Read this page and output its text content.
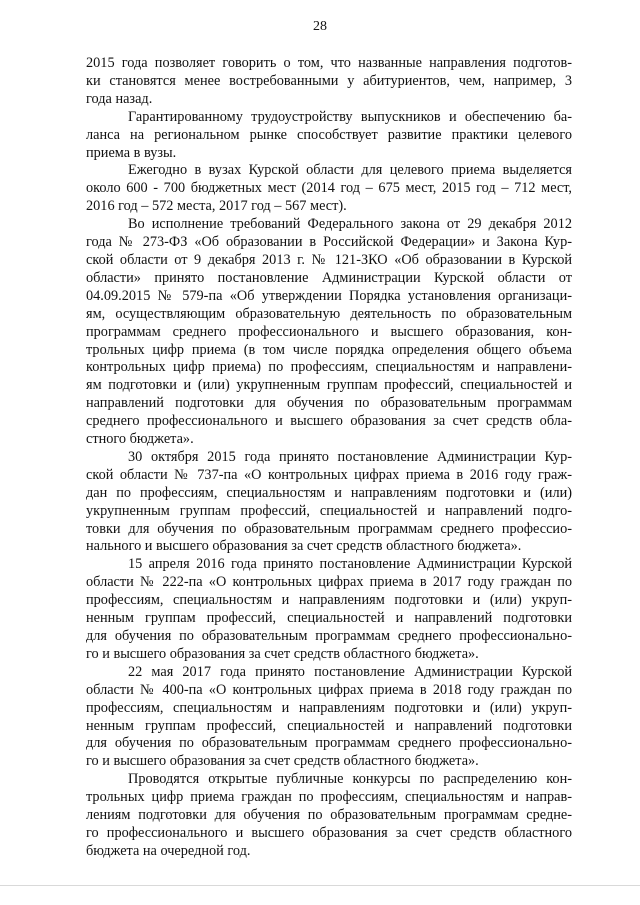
28
2015 года позволяет говорить о том, что названные направления подготов-
ки становятся менее востребованными у абитуриентов, чем, например, 3
года назад.
Гарантированному трудоустройству выпускников и обеспечению ба-
ланса на региональном рынке способствует развитие практики целевого
приема в вузы.
Ежегодно в вузах Курской области для целевого приема выделяется
около 600 - 700 бюджетных мест (2014 год – 675 мест, 2015 год – 712 мест,
2016 год – 572 места, 2017 год – 567 мест).
Во исполнение требований Федерального закона от 29 декабря 2012
года № 273-ФЗ «Об образовании в Российской Федерации» и Закона Кур-
ской области от 9 декабря 2013 г. № 121-ЗКО «Об образовании в Курской
области» принято постановление Администрации Курской области от
04.09.2015 № 579-па «Об утверждении Порядка установления организаци-
ям, осуществляющим образовательную деятельность по образовательным
программам среднего профессионального и высшего образования, кон-
трольных цифр приема (в том числе порядка определения общего объема
контрольных цифр приема) по профессиям, специальностям и направлени-
ям подготовки и (или) укрупненным группам профессий, специальностей и
направлений подготовки для обучения по образовательным программам
среднего профессионального и высшего образования за счет средств обла-
стного бюджета».
30 октября 2015 года принято постановление Администрации Кур-
ской области № 737-па «О контрольных цифрах приема в 2016 году граж-
дан по профессиям, специальностям и направлениям подготовки и (или)
укрупненным группам профессий, специальностей и направлений подго-
товки для обучения по образовательным программам среднего профессио-
нального и высшего образования за счет средств областного бюджета».
15 апреля 2016 года принято постановление Администрации Курской
области № 222-па «О контрольных цифрах приема в 2017 году граждан по
профессиям, специальностям и направлениям подготовки и (или) укруп-
ненным группам профессий, специальностей и направлений подготовки
для обучения по образовательным программам среднего профессионально-
го и высшего образования за счет средств областного бюджета».
22 мая 2017 года принято постановление Администрации Курской
области № 400-па «О контрольных цифрах приема в 2018 году граждан по
профессиям, специальностям и направлениям подготовки и (или) укруп-
ненным группам профессий, специальностей и направлений подготовки
для обучения по образовательным программам среднего профессионально-
го и высшего образования за счет средств областного бюджета».
Проводятся открытые публичные конкурсы по распределению кон-
трольных цифр приема граждан по профессиям, специальностям и направ-
лениям подготовки для обучения по образовательным программам средне-
го профессионального и высшего образования за счет средств областного
бюджета на очередной год.
